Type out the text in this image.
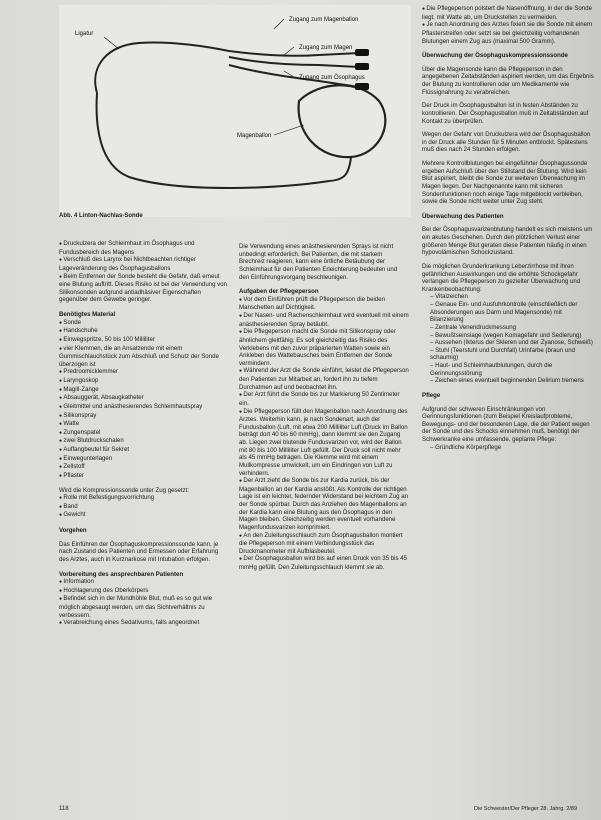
Ligatur
Zugang zum Magenballon
Zugang zum Magen
Zugang zum Ösophagus
Magenballon
Abb. 4 Linton-Nachlas-Sonde

● Druckulzera der Schleimhaut im Ösophagus und Fundusbereich des Magens

● Verschluß des Larynx bei Nichtbeachten richtiger Lageveränderung des Ösophagusballons

● Beim Entfernen der Sonde besteht die Gefahr, daß erneut eine Blutung auftritt. Dieses Risiko ist bei der Verwendung von Silikonsonden aufgrund antiadhäsiver Eigenschaften gegenüber dem Gewebe geringer.

Benötigtes Material

● Sonde

● Handschuhe

● Einwegspritze, 50 bis 100 Milliliter

● vier Klemmen, die an Ansatzende mit einem Gummischlauchstück zum Abschluß und Schutz der Sonde überzogen ist

● Predroomicklemmer

● Laryngoskop

● Magill-Zange

● Absauggerät, Absaugkatheter

● Gleitmittel und anästhesierendes Schleimhautspray

● Silikonspray

● Watte

● Zungenspatel

● zwei Blutdruckschalen

● Auffangbeutel für Sekret

● Einwegunterlagen

● Zellstoff

● Pflaster

Wird die Kompressionssonde unter Zug gesetzt:

● Rolle mit Befestigungsvorrichtung

● Band

● Gewicht

Vorgehen

Das Einführen der Ösophaguskompressionssonde kann, je nach Zustand des Patienten und Ermessen oder Erfahrung des Arztes, auch in Kurznarkose mit Intubation erfolgen.

Vorbereitung des ansprechbaren Patienten

● Information

● Hochlagerung des Oberkörpers

● Befindet sich in der Mundhöhle Blut, muß es so gut wie möglich abgesaugt werden, um das Sichtverhältnis zu verbessern.

● Verabreichung eines Sedativums, falls angeordnet

Die Verwendung eines anästhesierenden Sprays ist nicht unbedingt erforderlich. Bei Patienten, die mit starkem Brechreiz reagieren, kann eine örtliche Betäubung der Schleimhaut für den Patienten Erleichterung bedeuten und den Einführungsvorgang beschleunigen.

Aufgaben der Pflegeperson

● Vor dem Einführen prüft die Pflegeperson die beiden Manschetten auf Dichtigkeit.

● Der Nasen- und Rachenschleimhaut wird eventuell mit einem anästhesierenden Spray betäubt.

● Die Pflegeperson macht die Sonde mit Silikonspray oder ähnlichem gleitfähig. Es soll gleichzeitig das Risiko des Verklebens mit den zuvor präparierten Watten sowie ein Ankleben des Wattebausches beim Entfernen der Sonde vermindern.

● Während der Arzt die Sonde einführt, leistet die Pflegeperson den Patienten zur Mitarbeit an, fordert ihn zu tiefem Durchatmen auf und beobachtet ihn.

● Der Arzt führt die Sonde bis zur Markierung 50 Zentimeter ein.

● Die Pflegeperson füllt den Magenballon nach Anordnung des Arztes. Weiterhin kann, je nach Sondenart, auch der Fundusballon (Luft, mit etwa 200 Milliliter Luft (Druck im Ballon beträgt dort 40 bis 60 mmHg), dann klemmt sie den Zugang ab. Liegen zwei blutende Fundusvarizen vor, wird der Ballon mit 80 bis 100 Milliliter Luft gefüllt. Der Druck soll nicht mehr als 45 mmHg betragen. Die Klemme wird mit einem Mullkompresse umwickelt, um ein Eindringen von Luft zu verhindern.

● Der Arzt zieht die Sonde bis zur Kardia zurück, bis der Magenballon an der Kardia anstößt. Als Kontrolle der richtigen Lage ist ein leichter, federnder Widerstand bei leichtem Zug an der Sonde spürbar. Durch das Anziehen des Magenballons an der Kardia kann eine Blutung aus den Ösophagus in den Magen bleiben. Gleichzeitig werden eventuell vorhandene Magenfundusvarizen komprimiert.

● An den Zuleitungsschlauch zum Ösophagusballon montiert die Pflegeperson mit einem Verbindungsstück das Druckmanometer mit Aufblasbeutel.

● Der Ösophagusballon wird bis auf einen Druck von 35 bis 45 mmHg gefüllt. Den Zuleitungsschlauch klemmt sie ab.

● Die Pflegeperson polstert die Nasenöffnung, in der die Sonde liegt, mit Watte ab, um Druckstellen zu vermeiden.

● Je nach Anordnung des Arztes fixiert sie die Sonde mit einem Pflasterstreifen oder setzt sie bei gleichzeitig vorhandenen Blutungen einem Zug aus (maximal 500 Gramm).

Überwachung der Ösophaguskompressionssonde

Über die Magensonde kann die Pflegeperson in den angegebenen Zeitabständen aspiriert werden, um das Ergebnis der Blutung zu kontrollieren oder um Medikamente wie Flüssignahrung zu verabreichen.

Der Druck im Ösophagusballon ist in festen Abständen zu kontrollieren. Der Ösophagusballon muß in Zeitabständen auf Kontakt zu überprüfen.

Wegen der Gefahr von Druckulzera wird der Ösophagusballon in der Druck alle Stunden für 5 Minuten entblockt. Spätestens muß dies nach 24 Stunden erfolgen.

Mehrere Kontrollblutungen bei eingeführter Ösophagussonde ergeben Aufschluß über den Stillstand der Blutung. Wird kein Blut aspiriert, bleibt die Sonde zur weiteren Überwachung im Magen liegen. Der Nachgenannte kann mit sicheren Sondenfunktionen noch einige Tage mitgeblockt verbleiben, sowie die Sonde nicht weiter unter Zug steht.

Überwachung des Patienten

Bei der Ösophagusvarizenblutung handelt es sich meistens um ein akutes Geschehen. Durch den plötzlichen Verlust einer größeren Menge Blut geraten diese Patienten häufig in einen hypovolämischen Schockzustand.

Die möglichen Grunderkrankung Leberzirrhose mit ihren gefährlichen Auswirkungen und die erhöhte Schockgefahr verlangen die Pflegeperson zu gezielter Überwachung und Krankenbeobachtung:

– Vitalzeichen

– Genaue Ein- und Ausfuhrkontrolle (einschließlich der Absonderungen aus Darm und Magensonde) mit Bilanzierung

– Zentrale Venendruckmessung

– Bewußtseinslage (wegen Komagefahr und Sedierung)

– Aussehen (Ikterus der Skleren und der Zyanose, Schweiß)

– Stuhl (Teerstuhl und Durchfall) Urinfarbe (braun und schaumig)

– Haut- und Schleimhautblutungen, durch die Gerinnungsstörung

– Zeichen eines eventuell beginnenden Delirium tremens

Pflege

Aufgrund der schweren Einschränkungen von Gerinnungsfunktionen (zum Beispiel Kreislaufprobleme, Bewegungs- und der besonderen Lage, die der Patient wegen der Sonde und des Schocks einnehmen muß, benötigt der Schwerkranke eine umfassende, geplante Pflege:

– Gründliche Körperpflege

118	Die Schwester/Der Pfleger 28. Jahrg. 2/89
